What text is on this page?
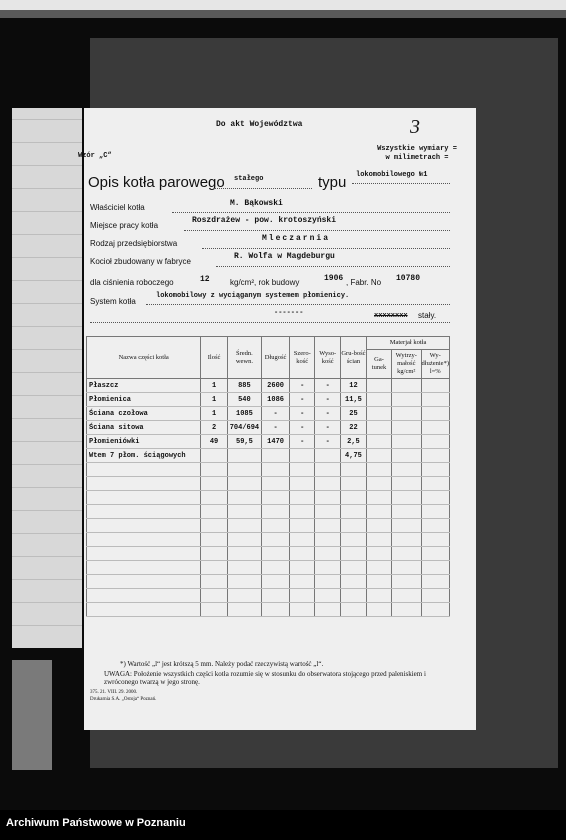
Do akt Województwa	3
Wzór „C“
Wszystkie wymiary = w milimetrach =
Opis kotła parowego stałego	typu lokomobilowego №1
Właściciel kotła	M. Bąkowski
Miejsce pracy kotła
Roszdrażew - pow. krotoszyński
Rodzaj przedsiębiorstwa
Mleczarnia
Kocioł zbudowany w fabryce
R. Wolfa w Magdeburgu
dla ciśnienia roboczego	12	kg/cm², rok budowy	1906 , Fabr. No 10780
System kotła
lokomobilowy z wyciąganym systemem płomienicy.
-------	xxxxxxxx stały.
Nazwa części kotła	Ilość	Średn. wewn.	Długość	Szero-kość	Wyso-kość	Gru-bość ścian	Materjał kotła		
							Ga-tunek	Wytrzy-małość kg/cm²	Wy-dłużenie*) l=%
Płaszcz	1	885	2600	-	-	12			
Płomienica	1	540	1086	-	-	11,5			
Ściana czołowa	1	1085	-	-	-	25			
Ściana sitowa	2	704/694	-	-	-	22			
Płomieniówki	49	59,5	1470	-	-	2,5			
Wtem 7 płom. ściągowych						4,75			

*) Wartość „l“ jest krótszą 5 mm. Należy podać rzeczywistą wartość „l“.
UWAGA: Położenie wszystkich części kotła rozumie się w stosunku do obserwatora stojącego przed paleniskiem i zwróconego twarzą w jego stronę.
375. 21. VIII. 29. 2000.
Drukarnia S.A. „Ostoja“ Poznań.
Archiwum Państwowe w Poznaniu
